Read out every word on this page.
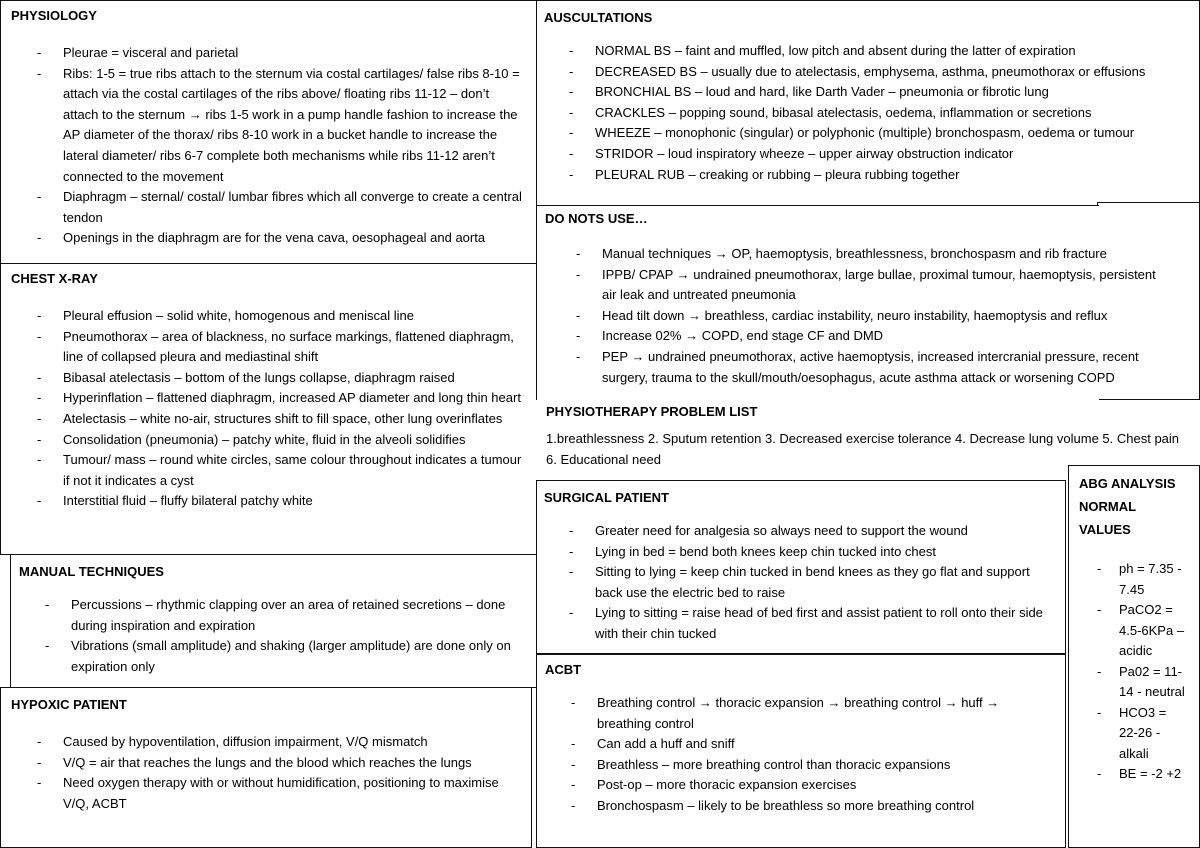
PHYSIOLOGY
- Pleurae = visceral and parietal
- Ribs: 1-5 = true ribs attach to the sternum via costal cartilages/ false ribs 8-10 = attach via the costal cartilages of the ribs above/ floating ribs 11-12 – don’t attach to the sternum → ribs 1-5 work in a pump handle fashion to increase the AP diameter of the thorax/ ribs 8-10 work in a bucket handle to increase the lateral diameter/ ribs 6-7 complete both mechanisms while ribs 11-12 aren’t connected to the movement
- Diaphragm – sternal/ costal/ lumbar fibres which all converge to create a central tendon
- Openings in the diaphragm are for the vena cava, oesophageal and aorta
CHEST X-RAY
- Pleural effusion – solid white, homogenous and meniscal line
- Pneumothorax – area of blackness, no surface markings, flattened diaphragm, line of collapsed pleura and mediastinal shift
- Bibasal atelectasis – bottom of the lungs collapse, diaphragm raised
- Hyperinflation – flattened diaphragm, increased AP diameter and long thin heart
- Atelectasis – white no-air, structures shift to fill space, other lung overinflates
- Consolidation (pneumonia) – patchy white, fluid in the alveoli solidifies
- Tumour/ mass – round white circles, same colour throughout indicates a tumour if not it indicates a cyst
- Interstitial fluid – fluffy bilateral patchy white
MANUAL TECHNIQUES
- Percussions – rhythmic clapping over an area of retained secretions – done during inspiration and expiration
- Vibrations (small amplitude) and shaking (larger amplitude) are done only on expiration only
HYPOXIC PATIENT
- Caused by hypoventilation, diffusion impairment, V/Q mismatch
- V/Q = air that reaches the lungs and the blood which reaches the lungs
- Need oxygen therapy with or without humidification, positioning to maximise V/Q, ACBT
AUSCULTATIONS
- NORMAL BS – faint and muffled, low pitch and absent during the latter of expiration
- DECREASED BS – usually due to atelectasis, emphysema, asthma, pneumothorax or effusions
- BRONCHIAL BS – loud and hard, like Darth Vader – pneumonia or fibrotic lung
- CRACKLES – popping sound, bibasal atelectasis, oedema, inflammation or secretions
- WHEEZE – monophonic (singular) or polyphonic (multiple) bronchospasm, oedema or tumour
- STRIDOR – loud inspiratory wheeze – upper airway obstruction indicator
- PLEURAL RUB – creaking or rubbing – pleura rubbing together
DO NOTS USE…
- Manual techniques → OP, haemoptysis, breathlessness, bronchospasm and rib fracture
- IPPB/ CPAP → undrained pneumothorax, large bullae, proximal tumour, haemoptysis, persistent air leak and untreated pneumonia
- Head tilt down → breathless, cardiac instability, neuro instability, haemoptysis and reflux
- Increase 02% → COPD, end stage CF and DMD
- PEP → undrained pneumothorax, active haemoptysis, increased intercranial pressure, recent surgery, trauma to the skull/mouth/oesophagus, acute asthma attack or worsening COPD
PHYSIOTHERAPY PROBLEM LIST

1.breathlessness 2. Sputum retention 3. Decreased exercise tolerance 4. Decrease lung volume 5. Chest pain 6. Educational need

SURGICAL PATIENT
- Greater need for analgesia so always need to support the wound
- Lying in bed = bend both knees keep chin tucked into chest
- Sitting to lying = keep chin tucked in bend knees as they go flat and support back use the electric bed to raise
- Lying to sitting = raise head of bed first and assist patient to roll onto their side with their chin tucked
ACBT
- Breathing control → thoracic expansion → breathing control → huff → breathing control
- Can add a huff and sniff
- Breathless – more breathing control than thoracic expansions
- Post-op – more thoracic expansion exercises
- Bronchospasm – likely to be breathless so more breathing control
ABG ANALYSIS NORMAL VALUES
- ph = 7.35 - 7.45
- PaCO2 = 4.5-6KPa – acidic
- Pa02 = 11-14 - neutral
- HCO3 = 22-26 - alkali
- BE = -2 +2
